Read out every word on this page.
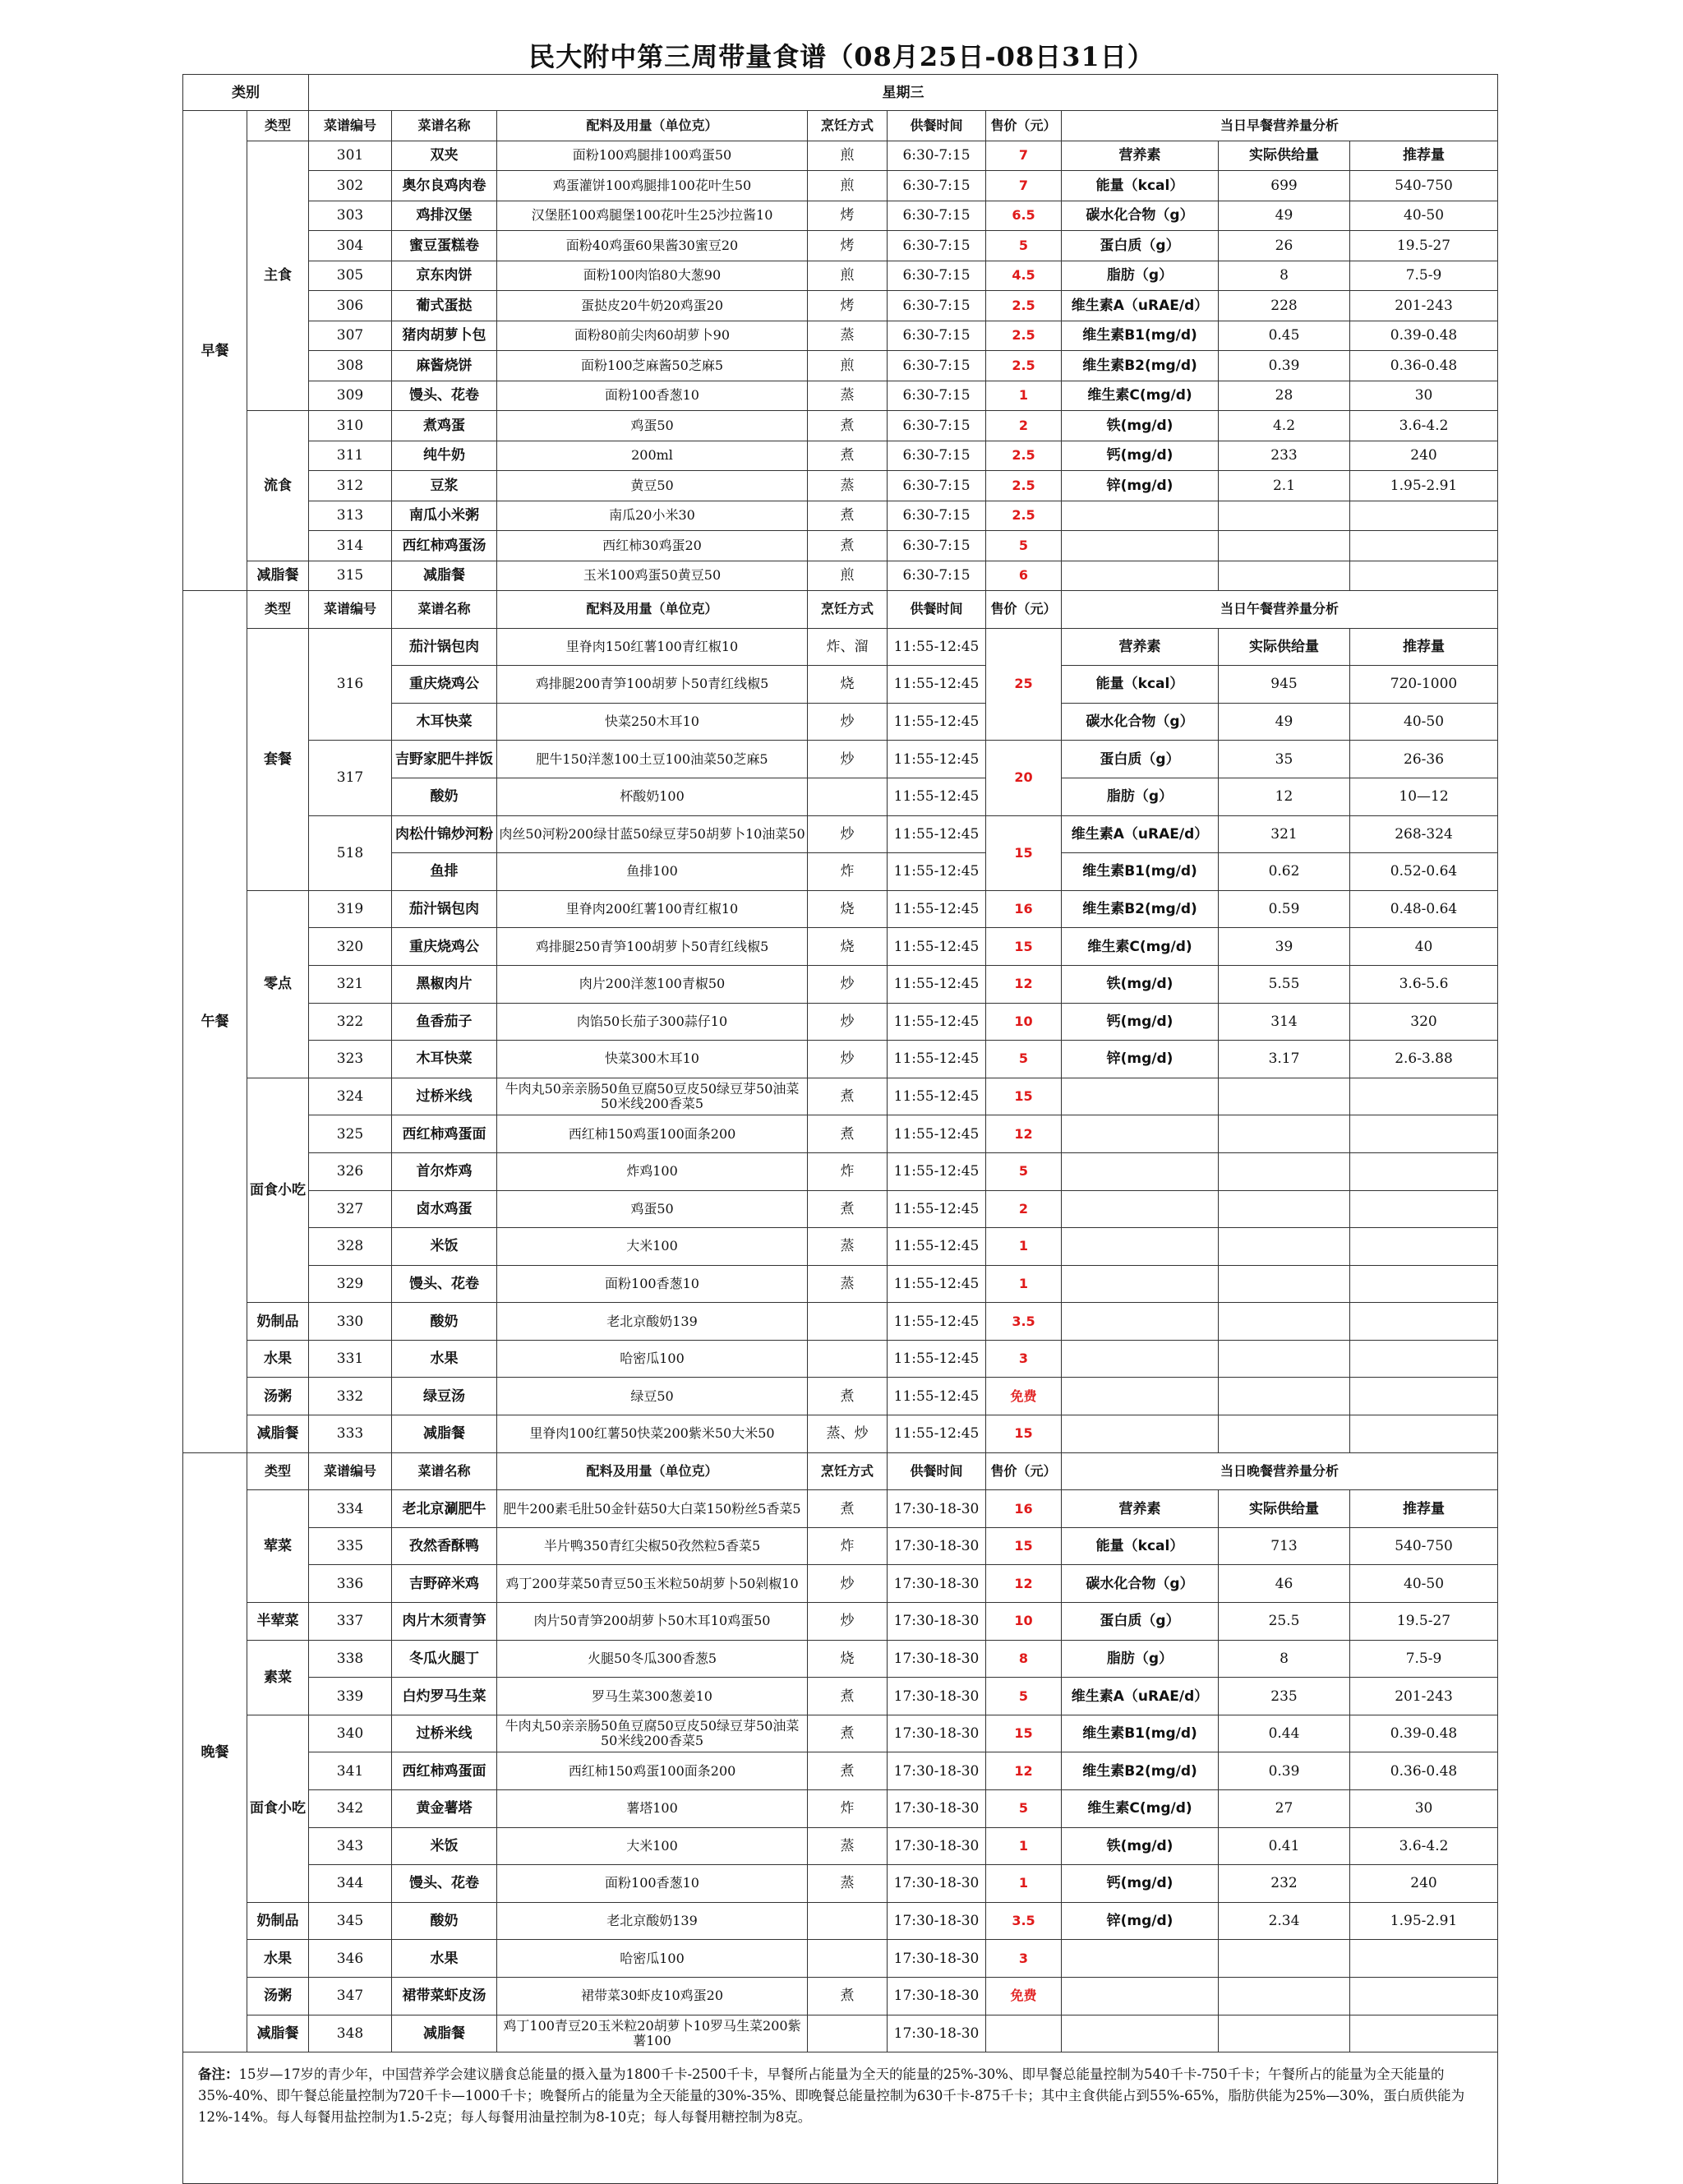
民大附中第三周带量食谱（08月25日-08日31日）
类别		星期三								
早餐	类型	菜谱编号	菜谱名称	配料及用量（单位克）	烹饪方式	供餐时间	售价（元）	当日早餐营养量分析		
	主食	301	双夹	面粉100鸡腿排100鸡蛋50	煎	6:30-7:15	7	营养素	实际供给量	推荐量
		302	奥尔良鸡肉卷	鸡蛋灌饼100鸡腿排100花叶生50	煎	6:30-7:15	7	能量（kcal）	699	540-750
		303	鸡排汉堡	汉堡胚100鸡腿堡100花叶生25沙拉酱10	烤	6:30-7:15	6.5	碳水化合物（g）	49	40-50
		304	蜜豆蛋糕卷	面粉40鸡蛋60果酱30蜜豆20	烤	6:30-7:15	5	蛋白质（g）	26	19.5-27
		305	京东肉饼	面粉100肉馅80大葱90	煎	6:30-7:15	4.5	脂肪（g）	8	7.5-9
		306	葡式蛋挞	蛋挞皮20牛奶20鸡蛋20	烤	6:30-7:15	2.5	维生素A（uRAE/d）	228	201-243
		307	猪肉胡萝卜包	面粉80前尖肉60胡萝卜90	蒸	6:30-7:15	2.5	维生素B1(mg/d)	0.45	0.39-0.48
		308	麻酱烧饼	面粉100芝麻酱50芝麻5	煎	6:30-7:15	2.5	维生素B2(mg/d)	0.39	0.36-0.48
		309	馒头、花卷	面粉100香葱10	蒸	6:30-7:15	1	维生素C(mg/d)	28	30
	流食	310	煮鸡蛋	鸡蛋50	煮	6:30-7:15	2	铁(mg/d)	4.2	3.6-4.2
		311	纯牛奶	200ml	煮	6:30-7:15	2.5	钙(mg/d)	233	240
		312	豆浆	黄豆50	蒸	6:30-7:15	2.5	锌(mg/d)	2.1	1.95-2.91
		313	南瓜小米粥	南瓜20小米30	煮	6:30-7:15	2.5			
		314	西红柿鸡蛋汤	西红柿30鸡蛋20	煮	6:30-7:15	5			
	减脂餐	315	减脂餐	玉米100鸡蛋50黄豆50	煎	6:30-7:15	6			
午餐	类型	菜谱编号	菜谱名称	配料及用量（单位克）	烹饪方式	供餐时间	售价（元）	当日午餐营养量分析		
	套餐	316	茄汁锅包肉	里脊肉150红薯100青红椒10	炸、溜	11:55-12:45	25	营养素	实际供给量	推荐量
			重庆烧鸡公	鸡排腿200青笋100胡萝卜50青红线椒5	烧	11:55-12:45		能量（kcal）	945	720-1000
			木耳快菜	快菜250木耳10	炒	11:55-12:45		碳水化合物（g）	49	40-50
		317	吉野家肥牛拌饭	肥牛150洋葱100土豆100油菜50芝麻5	炒	11:55-12:45	20	蛋白质（g）	35	26-36
			酸奶	杯酸奶100		11:55-12:45		脂肪（g）	12	10—12
		518	肉松什锦炒河粉	肉丝50河粉200绿甘蓝50绿豆芽50胡萝卜10油菜50	炒	11:55-12:45	15	维生素A（uRAE/d）	321	268-324
			鱼排	鱼排100	炸	11:55-12:45		维生素B1(mg/d)	0.62	0.52-0.64
	零点	319	茄汁锅包肉	里脊肉200红薯100青红椒10	烧	11:55-12:45	16	维生素B2(mg/d)	0.59	0.48-0.64
		320	重庆烧鸡公	鸡排腿250青笋100胡萝卜50青红线椒5	烧	11:55-12:45	15	维生素C(mg/d)	39	40
		321	黑椒肉片	肉片200洋葱100青椒50	炒	11:55-12:45	12	铁(mg/d)	5.55	3.6-5.6
		322	鱼香茄子	肉馅50长茄子300蒜仔10	炒	11:55-12:45	10	钙(mg/d)	314	320
		323	木耳快菜	快菜300木耳10	炒	11:55-12:45	5	锌(mg/d)	3.17	2.6-3.88
	面食小吃	324	过桥米线	牛肉丸50亲亲肠50鱼豆腐50豆皮50绿豆芽50油菜50米线200香菜5	煮	11:55-12:45	15			
		325	西红柿鸡蛋面	西红柿150鸡蛋100面条200	煮	11:55-12:45	12			
		326	首尔炸鸡	炸鸡100	炸	11:55-12:45	5			
		327	卤水鸡蛋	鸡蛋50	煮	11:55-12:45	2			
		328	米饭	大米100	蒸	11:55-12:45	1			
		329	馒头、花卷	面粉100香葱10	蒸	11:55-12:45	1			
	奶制品	330	酸奶	老北京酸奶139		11:55-12:45	3.5			
	水果	331	水果	哈密瓜100		11:55-12:45	3			
	汤粥	332	绿豆汤	绿豆50	煮	11:55-12:45	免费			
	减脂餐	333	减脂餐	里脊肉100红薯50快菜200紫米50大米50	蒸、炒	11:55-12:45	15			
晚餐	类型	菜谱编号	菜谱名称	配料及用量（单位克）	烹饪方式	供餐时间	售价（元）	当日晚餐营养量分析		
	荤菜	334	老北京涮肥牛	肥牛200素毛肚50金针菇50大白菜150粉丝5香菜5	煮	17:30-18-30	16	营养素	实际供给量	推荐量
		335	孜然香酥鸭	半片鸭350青红尖椒50孜然粒5香菜5	炸	17:30-18-30	15	能量（kcal）	713	540-750
		336	吉野碎米鸡	鸡丁200芽菜50青豆50玉米粒50胡萝卜50剁椒10	炒	17:30-18-30	12	碳水化合物（g）	46	40-50
	半荤菜	337	肉片木须青笋	肉片50青笋200胡萝卜50木耳10鸡蛋50	炒	17:30-18-30	10	蛋白质（g）	25.5	19.5-27
	素菜	338	冬瓜火腿丁	火腿50冬瓜300香葱5	烧	17:30-18-30	8	脂肪（g）	8	7.5-9
		339	白灼罗马生菜	罗马生菜300葱姜10	煮	17:30-18-30	5	维生素A（uRAE/d）	235	201-243
	面食小吃	340	过桥米线	牛肉丸50亲亲肠50鱼豆腐50豆皮50绿豆芽50油菜50米线200香菜5	煮	17:30-18-30	15	维生素B1(mg/d)	0.44	0.39-0.48
		341	西红柿鸡蛋面	西红柿150鸡蛋100面条200	煮	17:30-18-30	12	维生素B2(mg/d)	0.39	0.36-0.48
		342	黄金薯塔	薯塔100	炸	17:30-18-30	5	维生素C(mg/d)	27	30
		343	米饭	大米100	蒸	17:30-18-30	1	铁(mg/d)	0.41	3.6-4.2
		344	馒头、花卷	面粉100香葱10	蒸	17:30-18-30	1	钙(mg/d)	232	240
	奶制品	345	酸奶	老北京酸奶139		17:30-18-30	3.5	锌(mg/d)	2.34	1.95-2.91
	水果	346	水果	哈密瓜100		17:30-18-30	3			
	汤粥	347	裙带菜虾皮汤	裙带菜30虾皮10鸡蛋20	煮	17:30-18-30	免费			
	减脂餐	348	减脂餐	鸡丁100青豆20玉米粒20胡萝卜10罗马生菜200紫薯100		17:30-18-30				
备注：15岁—17岁的青少年，中国营养学会建议膳食总能量的摄入量为1800千卡-2500千卡，早餐所占能量为全天的能量的25%-30%、即早餐总能量控制为540千卡-750千卡；午餐所占的能量为全天能量的35%-40%、即午餐总能量控制为720千卡—1000千卡；晚餐所占的能量为全天能量的30%-35%、即晚餐总能量控制为630千卡-875千卡；其中主食供能占到55%-65%，脂肪供能为25%—30%，蛋白质供能为12%-14%。每人每餐用盐控制为1.5-2克；每人每餐用油量控制为8-10克；每人每餐用糖控制为8克。										
